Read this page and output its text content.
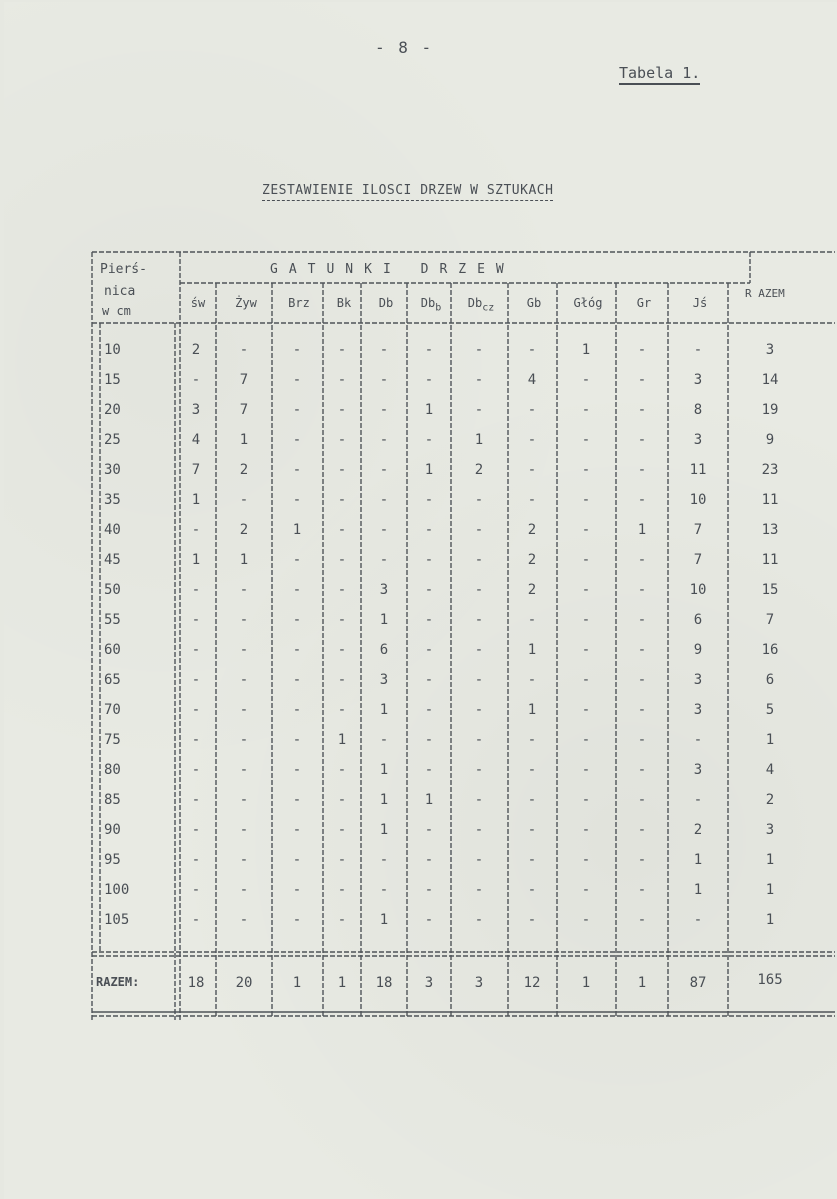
- 8 -
Tabela 1.
ZESTAWIENIE ILOSCI DRZEW W SZTUKACH
Pierś-
nica
w cm
GATUNKI DRZEW
R AZEM
św	Żyw	Brz	Bk	Db	$Db_b$	$Db_{cz}$	Gb	Głóg	Gr	Jś
10	2	-	-	-	-	-	-	-	1	-	-	3
15	-	7	-	-	-	-	-	4	-	-	3	14
20	3	7	-	-	-	1	-	-	-	-	8	19
25	4	1	-	-	-	-	1	-	-	-	3	9
30	7	2	-	-	-	1	2	-	-	-	11	23
35	1	-	-	-	-	-	-	-	-	-	10	11
40	-	2	1	-	-	-	-	2	-	1	7	13
45	1	1	-	-	-	-	-	2	-	-	7	11
50	-	-	-	-	3	-	-	2	-	-	10	15
55	-	-	-	-	1	-	-	-	-	-	6	7
60	-	-	-	-	6	-	-	1	-	-	9	16
65	-	-	-	-	3	-	-	-	-	-	3	6
70	-	-	-	-	1	-	-	1	-	-	3	5
75	-	-	-	1	-	-	-	-	-	-	-	1
80	-	-	-	-	1	-	-	-	-	-	3	4
85	-	-	-	-	1	1	-	-	-	-	-	2
90	-	-	-	-	1	-	-	-	-	-	2	3
95	-	-	-	-	-	-	-	-	-	-	1	1
100	-	-	-	-	-	-	-	-	-	-	1	1
105	-	-	-	-	1	-	-	-	-	-	-	1
RAZEM:	18	20	1	1	18	3	3	12	1	1	87	165
